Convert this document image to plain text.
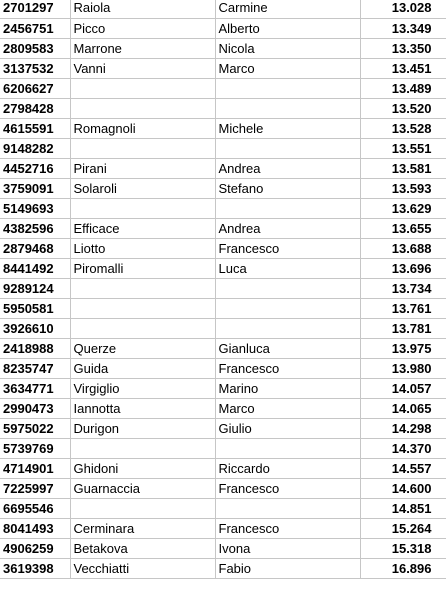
2701297	Raiola	Carmine	13.028
2456751	Picco	Alberto	13.349
2809583	Marrone	Nicola	13.350
3137532	Vanni	Marco	13.451
6206627			13.489
2798428			13.520
4615591	Romagnoli	Michele	13.528
9148282			13.551
4452716	Pirani	Andrea	13.581
3759091	Solaroli	Stefano	13.593
5149693			13.629
4382596	Efficace	Andrea	13.655
2879468	Liotto	Francesco	13.688
8441492	Piromalli	Luca	13.696
9289124			13.734
5950581			13.761
3926610			13.781
2418988	Querze	Gianluca	13.975
8235747	Guida	Francesco	13.980
3634771	Virgiglio	Marino	14.057
2990473	Iannotta	Marco	14.065
5975022	Durigon	Giulio	14.298
5739769			14.370
4714901	Ghidoni	Riccardo	14.557
7225997	Guarnaccia	Francesco	14.600
6695546			14.851
8041493	Cerminara	Francesco	15.264
4906259	Betakova	Ivona	15.318
3619398	Vecchiatti	Fabio	16.896
